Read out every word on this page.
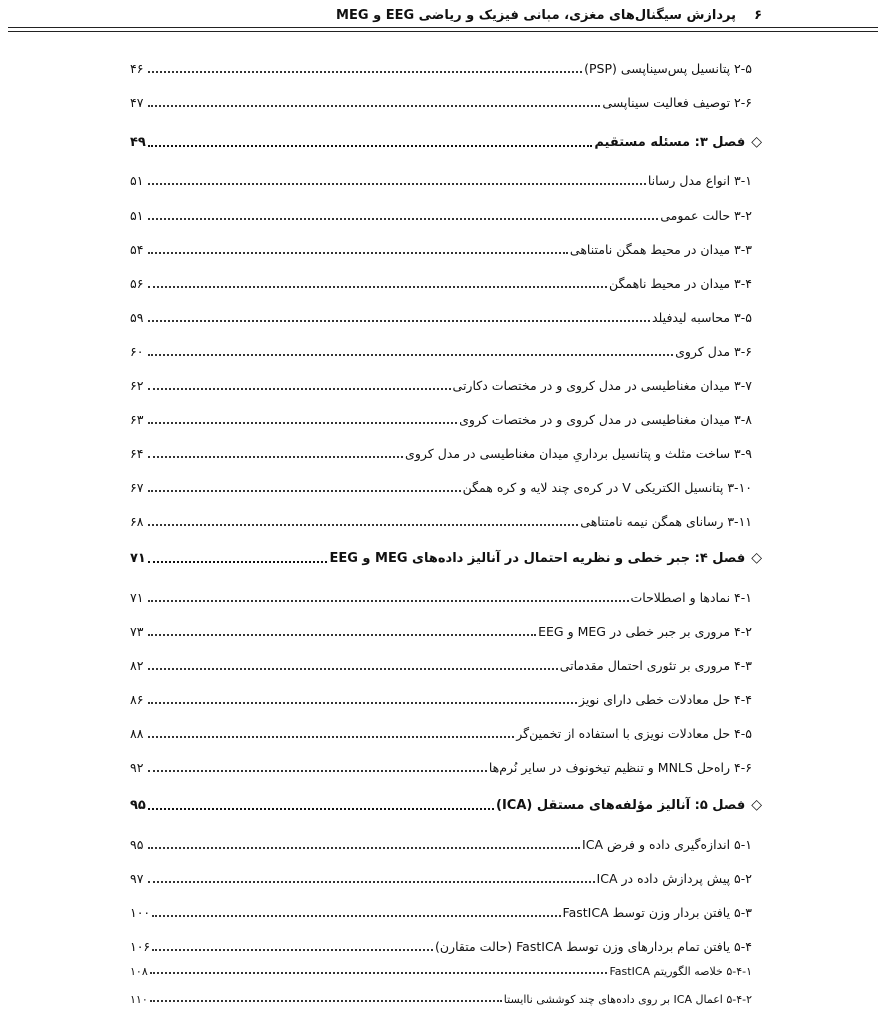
۶
پردازش سیگنال‌های مغزی، مبانی فیزیک و ریاضی EEG و MEG
۲-۵ پتانسیل پس‌سیناپسی (PSP)
۴۶
۲-۶ توصیف فعالیت سیناپسی
۴۷
◇
فصل ۳: مسئله مستقیم
۴۹
۳-۱ انواع مدل رسانا
۵۱
۳-۲ حالت عمومی
۵۱
۳-۳ میدان در محیط همگن نامتناهی
۵۴
۳-۴ میدان در محیط ناهمگن
۵۶
۳-۵ محاسبه لیدفیلد
۵۹
۳-۶ مدل کروی
۶۰
۳-۷ میدان مغناطیسی در مدل کروی و در مختصات دکارتی
۶۲
۳-۸ میدان مغناطیسی در مدل کروی و در مختصات کروی
۶۳
۳-۹ ساخت مثلث و پتانسیل برداریِ میدان مغناطیسی در مدل کروی
۶۴
۳-۱۰ پتانسیل الکتریکی V در کره‌ی چند لایه و کره همگن
۶۷
۳-۱۱ رسانای همگن نیمه نامتناهی
۶۸
◇
فصل ۴: جبر خطی و نظریه احتمال در آنالیز داده‌های MEG و EEG
۷۱
۴-۱ نمادها و اصطلاحات
۷۱
۴-۲ مروری بر جبر خطی در MEG و EEG
۷۳
۴-۳ مروری بر تئوری احتمال مقدماتی
۸۲
۴-۴ حل معادلات خطی دارای نویز
۸۶
۴-۵ حل معادلات نویزی با استفاده از تخمین‌گر
۸۸
۴-۶ راه‌حل MNLS و تنظیم تیخونوف در سایر نُرم‌ها
۹۲
◇
فصل ۵: آنالیز مؤلفه‌های مستقل (ICA)
۹۵
۵-۱ اندازه‌گیری داده و فرض ICA
۹۵
۵-۲ پیش پردازش داده در ICA
۹۷
۵-۳ یافتن بردار وزن توسط FastICA
۱۰۰
۵-۴ یافتن تمام بردارهای وزن توسط FastICA (حالت متقارن)
۱۰۶
۵-۴-۱ خلاصه الگوریتم FastICA
۱۰۸
۵-۴-۲ اعمال ICA بر روی داده‌های چند کوششی ناایستا
۱۱۰
